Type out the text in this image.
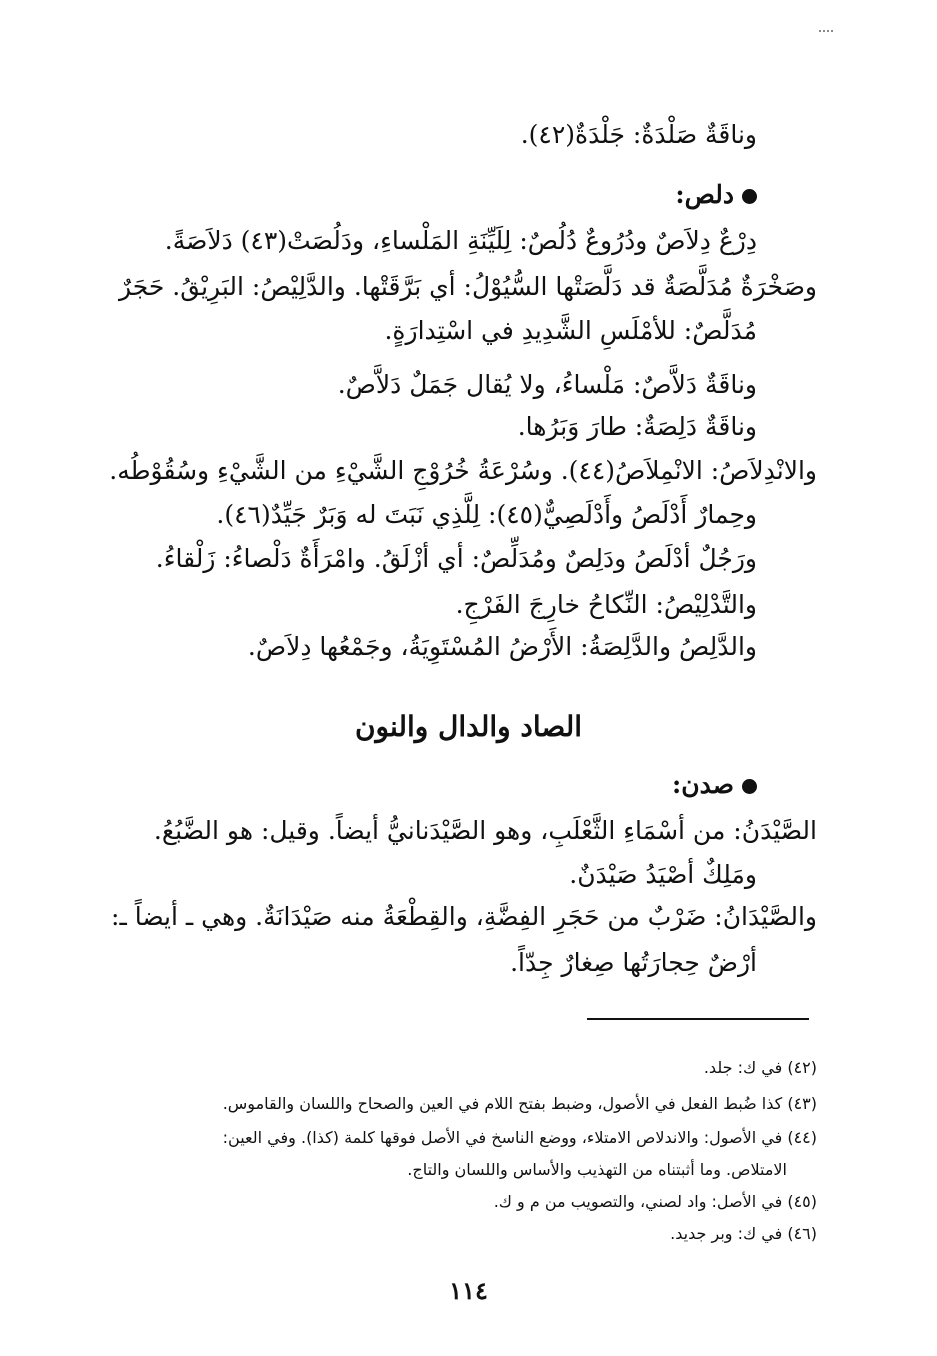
وناقَةٌ صَلْدَةٌ: جَلْدَةٌ(٤٢).
دلص:
دِرْعٌ دِلاَصٌ ودُرُوعٌ دُلُصٌ: لِلَيِّنَةِ المَلْساءِ، ودَلُصَتْ(٤٣) دَلاَصَةً.
وصَخْرَةٌ مُدَلَّصَةٌ قد دَلَّصَتْها السُّيُوْلُ: أي بَرَّقَتْها. والدَّلِيْصُ: البَرِيْقُ. حَجَرٌ
مُدَلَّصٌ: للأمْلَسِ الشَّدِيدِ في اسْتِدارَةٍ.
وناقَةٌ دَلاَّصٌ: مَلْساءُ، ولا يُقال جَمَلٌ دَلاَّصٌ.
وناقَةٌ دَلِصَةٌ: طارَ وَبَرُها.
والانْدِلاَصُ: الانْمِلاَصُ(٤٤). وسُرْعَةُ خُرُوْجِ الشَّيْءِ من الشَّيْءِ وسُقُوْطُه.
وحِمارٌ أَدْلَصُ وأَدْلَصِيٌّ(٤٥): لِلَّذِي نَبَتَ له وَبَرٌ جَيِّدٌ(٤٦).
ورَجُلٌ أدْلَصُ ودَلِصٌ ومُدَلِّصٌ: أي أزْلَقُ. وامْرَأَةٌ دَلْصاءُ: زَلْقاءُ.
والتَّدْلِيْصُ: النِّكاحُ خارِجَ الفَرْجِ.
والدَّلِصُ والدَّلِصَةُ: الأَرْضُ المُسْتَوِيَةُ، وجَمْعُها دِلاَصٌ.
الصاد والدال والنون
صدن:
الصَّيْدَنُ: من أسْمَاءِ الثَّعْلَبِ، وهو الصَّيْدَنانيُّ أيضاً. وقيل: هو الضَّبُعُ.
ومَلِكٌ أصْيَدُ صَيْدَنٌ.
والصَّيْدَانُ: ضَرْبٌ من حَجَرِ الفِضَّةِ، والقِطْعَةُ منه صَيْدَانَةٌ. وهي ـ أيضاً ـ:
أرْضٌ حِجارَتُها صِغارٌ جِدّاً.
(٤٢) في ك: جلد.
(٤٣) كذا ضُبط الفعل في الأصول، وضبط بفتح اللام في العين والصحاح واللسان والقاموس.
(٤٤) في الأصول: والاندلاص الامتلاء، ووضع الناسخ في الأصل فوقها كلمة (كذا). وفي العين:
الامتلاص. وما أثبتناه من التهذيب والأساس واللسان والتاج.
(٤٥) في الأصل: واد لصني، والتصويب من م و ك.
(٤٦) في ك: وبر جديد.
١١٤
